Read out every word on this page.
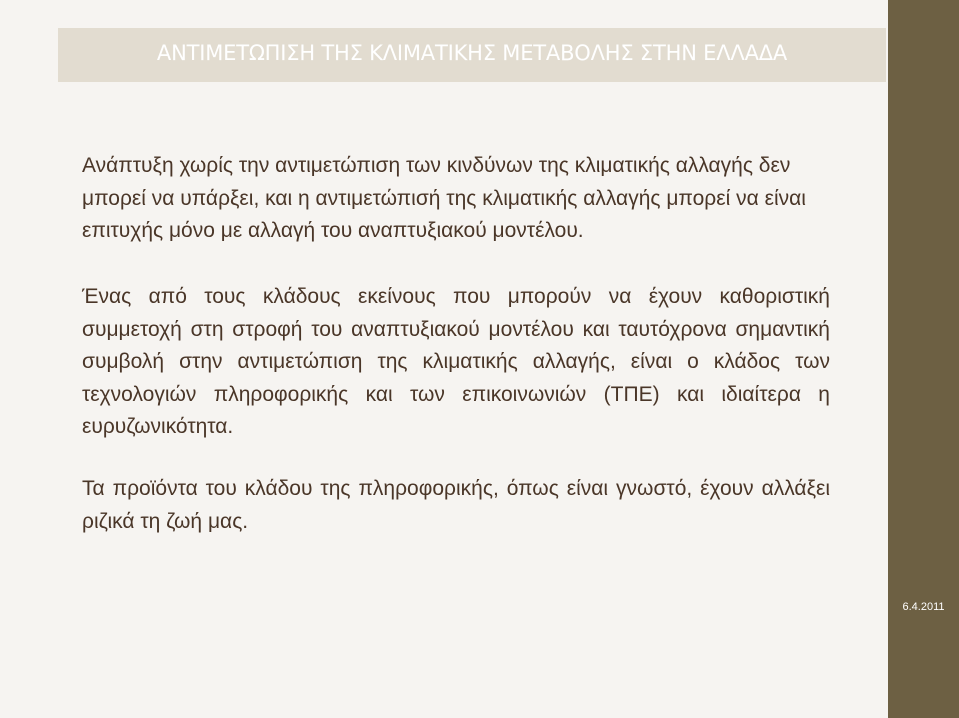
ΑΝΤΙΜΕΤΩΠΙΣΗ ΤΗΣ ΚΛΙΜΑΤΙΚΗΣ ΜΕΤΑΒΟΛΗΣ ΣΤΗΝ ΕΛΛΑΔΑ

Ανάπτυξη χωρίς την αντιμετώπιση των κινδύνων της κλιματικής αλλαγής δεν μπορεί να υπάρξει, και η αντιμετώπισή της κλιματικής αλλαγής μπορεί να είναι επιτυχής μόνο με αλλαγή του αναπτυξιακού μοντέλου.

Ένας από τους κλάδους εκείνους που μπορούν να έχουν καθοριστική συμμετοχή στη στροφή του αναπτυξιακού μοντέλου και ταυτόχρονα σημαντική συμβολή στην αντιμετώπιση της κλιματικής αλλαγής, είναι ο κλάδος των τεχνολογιών πληροφορικής και των επικοινωνιών (ΤΠΕ) και ιδιαίτερα η ευρυζωνικότητα.

Τα προϊόντα του κλάδου της πληροφορικής, όπως είναι γνωστό, έχουν αλλάξει ριζικά τη ζωή μας.

6.4.2011
